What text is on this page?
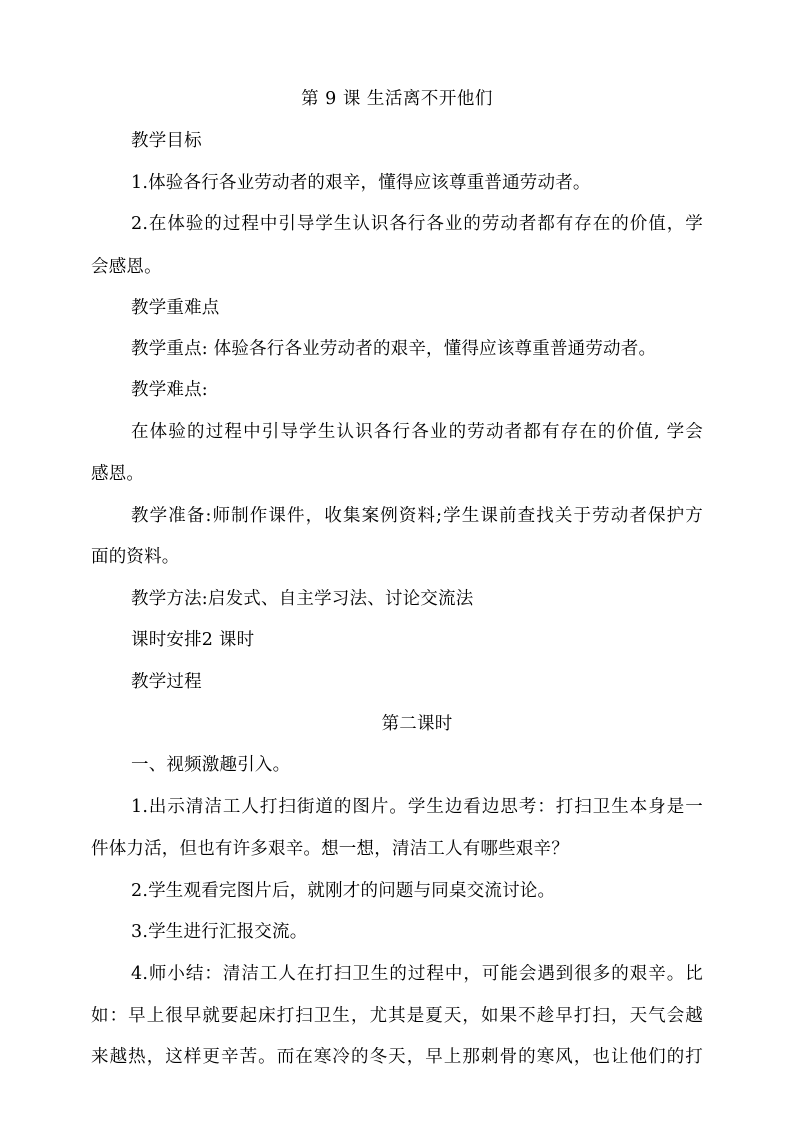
第 9 课 生活离不开他们
教学目标
1.体验各行各业劳动者的艰辛，懂得应该尊重普通劳动者。
2.在体验的过程中引导学生认识各行各业的劳动者都有存在的价值，学
会感恩。
教学重难点
教学重点: 体验各行各业劳动者的艰辛，懂得应该尊重普通劳动者。
教学难点:
在体验的过程中引导学生认识各行各业的劳动者都有存在的价值, 学会
感恩。
教学准备:师制作课件，收集案例资料;学生课前查找关于劳动者保护方
面的资料。
教学方法:启发式、自主学习法、讨论交流法
课时安排2 课时
教学过程
第二课时
一、视频激趣引入。
1.出示清洁工人打扫街道的图片。学生边看边思考：打扫卫生本身是一
件体力活，但也有许多艰辛。想一想，清洁工人有哪些艰辛？
2.学生观看完图片后，就刚才的问题与同桌交流讨论。
3.学生进行汇报交流。
4.师小结：清洁工人在打扫卫生的过程中，可能会遇到很多的艰辛。比
如：早上很早就要起床打扫卫生，尤其是夏天，如果不趁早打扫，天气会越
来越热，这样更辛苦。而在寒冷的冬天，早上那刺骨的寒风，也让他们的打
